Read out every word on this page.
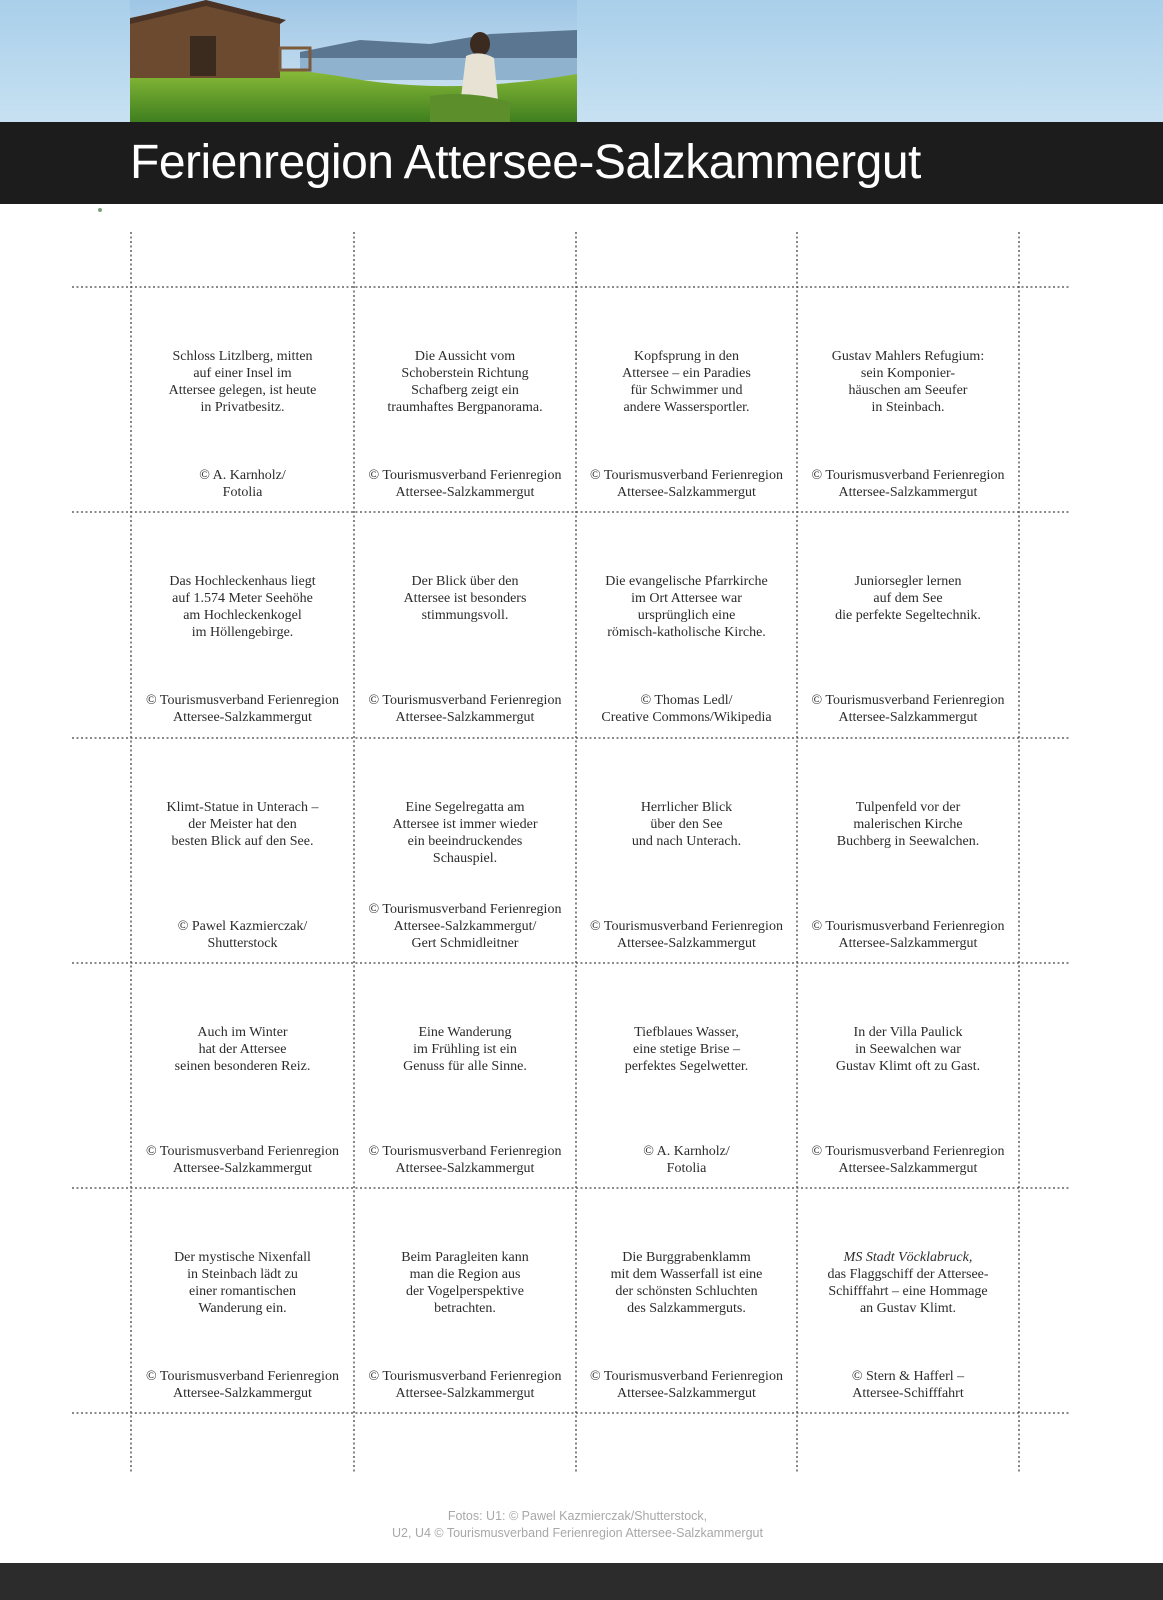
Ferienregion Attersee-Salzkammergut
Schloss Litzlberg, mitten
auf einer Insel im
Attersee gelegen, ist heute
in Privatbesitz.
© A. Karnholz/
Fotolia
Die Aussicht vom
Schoberstein Richtung
Schafberg zeigt ein
traumhaftes Bergpanorama.
© Tourismusverband Ferienregion
Attersee-Salzkammergut
Kopfsprung in den
Attersee – ein Paradies
für Schwimmer und
andere Wassersportler.
© Tourismusverband Ferienregion
Attersee-Salzkammergut
Gustav Mahlers Refugium:
sein Komponier-
häuschen am Seeufer
in Steinbach.
© Tourismusverband Ferienregion
Attersee-Salzkammergut
Das Hochleckenhaus liegt
auf 1.574 Meter Seehöhe
am Hochleckenkogel
im Höllengebirge.
© Tourismusverband Ferienregion
Attersee-Salzkammergut
Der Blick über den
Attersee ist besonders
stimmungsvoll.
© Tourismusverband Ferienregion
Attersee-Salzkammergut
Die evangelische Pfarrkirche
im Ort Attersee war
ursprünglich eine
römisch-katholische Kirche.
© Thomas Ledl/
Creative Commons/Wikipedia
Juniorsegler lernen
auf dem See
die perfekte Segeltechnik.
© Tourismusverband Ferienregion
Attersee-Salzkammergut
Klimt-Statue in Unterach –
der Meister hat den
besten Blick auf den See.
© Pawel Kazmierczak/
Shutterstock
Eine Segelregatta am
Attersee ist immer wieder
ein beeindruckendes
Schauspiel.
© Tourismusverband Ferienregion
Attersee-Salzkammergut/
Gert Schmidleitner
Herrlicher Blick
über den See
und nach Unterach.
© Tourismusverband Ferienregion
Attersee-Salzkammergut
Tulpenfeld vor der
malerischen Kirche
Buchberg in Seewalchen.
© Tourismusverband Ferienregion
Attersee-Salzkammergut
Auch im Winter
hat der Attersee
seinen besonderen Reiz.
© Tourismusverband Ferienregion
Attersee-Salzkammergut
Eine Wanderung
im Frühling ist ein
Genuss für alle Sinne.
© Tourismusverband Ferienregion
Attersee-Salzkammergut
Tiefblaues Wasser,
eine stetige Brise –
perfektes Segelwetter.
© A. Karnholz/
Fotolia
In der Villa Paulick
in Seewalchen war
Gustav Klimt oft zu Gast.
© Tourismusverband Ferienregion
Attersee-Salzkammergut
Der mystische Nixenfall
in Steinbach lädt zu
einer romantischen
Wanderung ein.
© Tourismusverband Ferienregion
Attersee-Salzkammergut
Beim Paragleiten kann
man die Region aus
der Vogelperspektive
betrachten.
© Tourismusverband Ferienregion
Attersee-Salzkammergut
Die Burggrabenklamm
mit dem Wasserfall ist eine
der schönsten Schluchten
des Salzkammerguts.
© Tourismusverband Ferienregion
Attersee-Salzkammergut
MS Stadt Vöcklabruck,
das Flaggschiff der Attersee-
Schifffahrt – eine Hommage
an Gustav Klimt.
© Stern & Hafferl –
Attersee-Schifffahrt
Fotos: U1: © Pawel Kazmierczak/Shutterstock,
U2, U4 © Tourismusverband Ferienregion Attersee-Salzkammergut
